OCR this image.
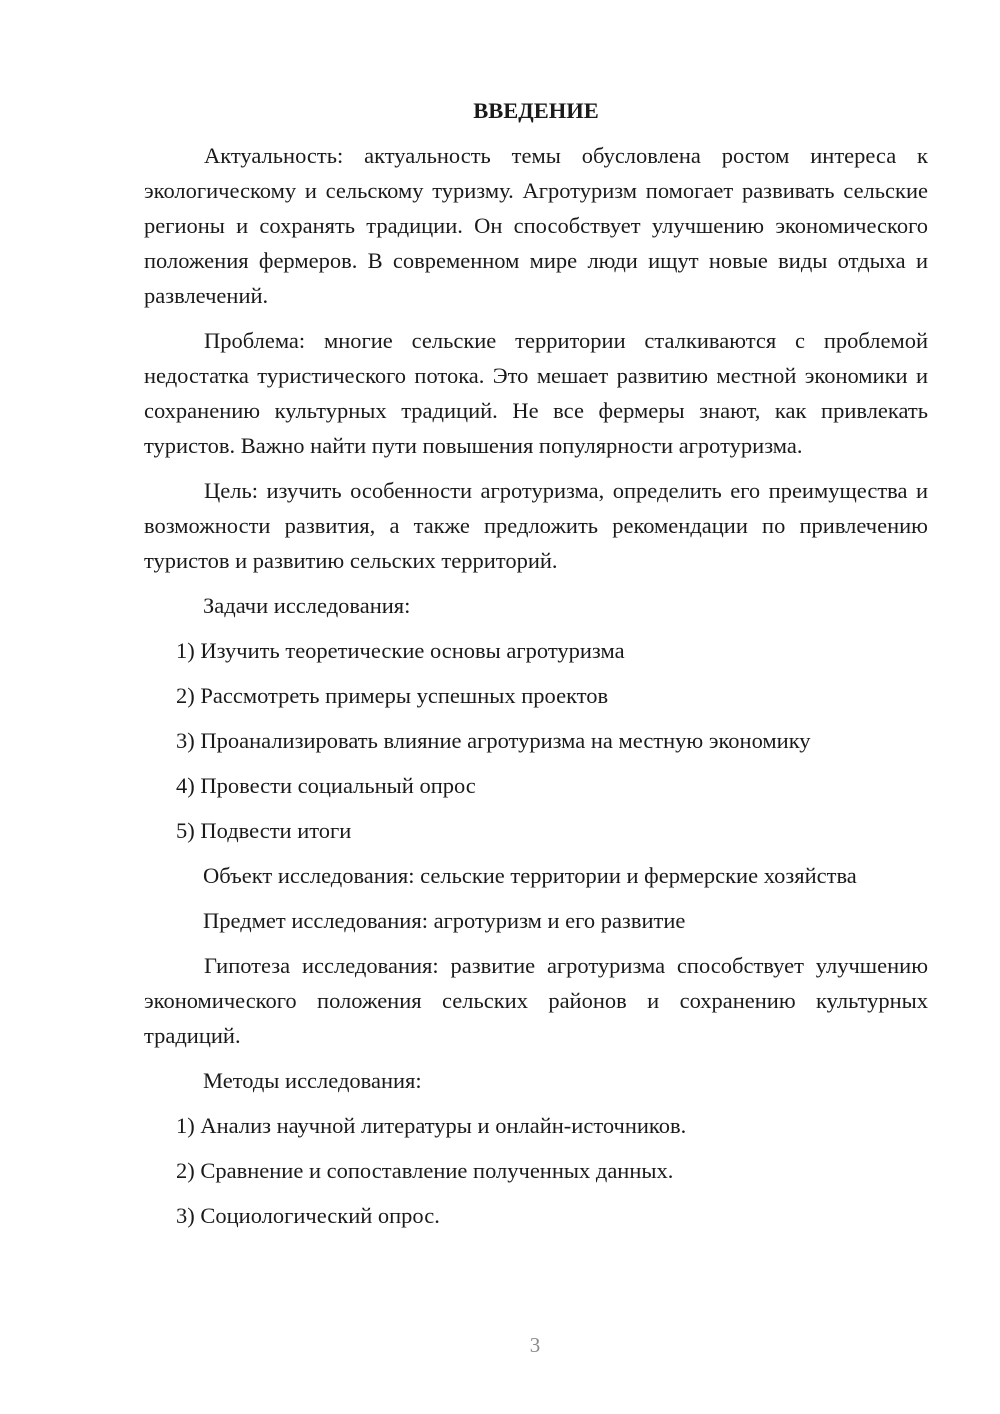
ВВЕДЕНИЕ

Актуальность: актуальность темы обусловлена ростом интереса к экологическому и сельскому туризму. Агротуризм помогает развивать сельские регионы и сохранять традиции. Он способствует улучшению экономического положения фермеров. В современном мире люди ищут новые виды отдыха и развлечений.

Проблема: многие сельские территории сталкиваются с проблемой недостатка туристического потока. Это мешает развитию местной экономики и сохранению культурных традиций. Не все фермеры знают, как привлекать туристов. Важно найти пути повышения популярности агротуризма.

Цель: изучить особенности агротуризма, определить его преимущества и возможности развития, а также предложить рекомендации по привлечению туристов и развитию сельских территорий.

Задачи исследования:
1) Изучить теоретические основы агротуризма
2) Рассмотреть примеры успешных проектов
3) Проанализировать влияние агротуризма на местную экономику
4) Провести социальный опрос
5) Подвести итоги
Объект исследования: сельские территории и фермерские хозяйства
Предмет исследования: агротуризм и его развитие

Гипотеза исследования: развитие агротуризма способствует улучшению экономического положения сельских районов и сохранению культурных традиций.

Методы исследования:
1) Анализ научной литературы и онлайн-источников.
2) Сравнение и сопоставление полученных данных.
3) Социологический опрос.
3
